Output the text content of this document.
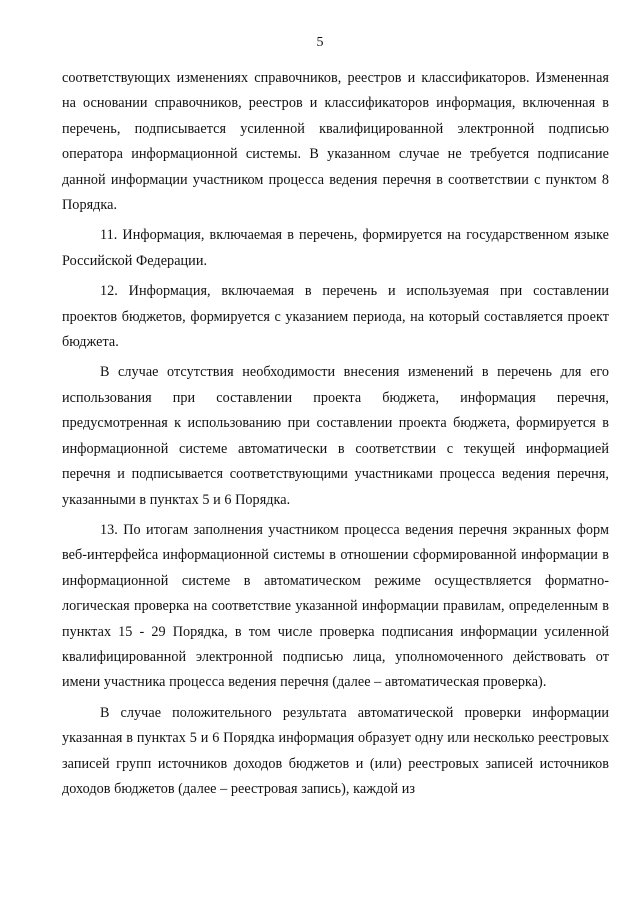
5

соответствующих изменениях справочников, реестров и классификаторов. Измененная на основании справочников, реестров и классификаторов информация, включенная в перечень, подписывается усиленной квалифицированной электронной подписью оператора информационной системы. В указанном случае не требуется подписание данной информации участником процесса ведения перечня в соответствии с пунктом 8 Порядка.

11. Информация, включаемая в перечень, формируется на государственном языке Российской Федерации.

12. Информация, включаемая в перечень и используемая при составлении проектов бюджетов, формируется с указанием периода, на который составляется проект бюджета.

В случае отсутствия необходимости внесения изменений в перечень для его использования при составлении проекта бюджета, информация перечня, предусмотренная к использованию при составлении проекта бюджета, формируется в информационной системе автоматически в соответствии с текущей информацией перечня и подписывается соответствующими участниками процесса ведения перечня, указанными в пунктах 5 и 6 Порядка.

13. По итогам заполнения участником процесса ведения перечня экранных форм веб-интерфейса информационной системы в отношении сформированной информации в информационной системе в автоматическом режиме осуществляется форматно-логическая проверка на соответствие указанной информации правилам, определенным в пунктах 15 - 29 Порядка, в том числе проверка подписания информации усиленной квалифицированной электронной подписью лица, уполномоченного действовать от имени участника процесса ведения перечня (далее – автоматическая проверка).

В случае положительного результата автоматической проверки информации указанная в пунктах 5 и 6 Порядка информация образует одну или несколько реестровых записей групп источников доходов бюджетов и (или) реестровых записей источников доходов бюджетов (далее – реестровая запись), каждой из
